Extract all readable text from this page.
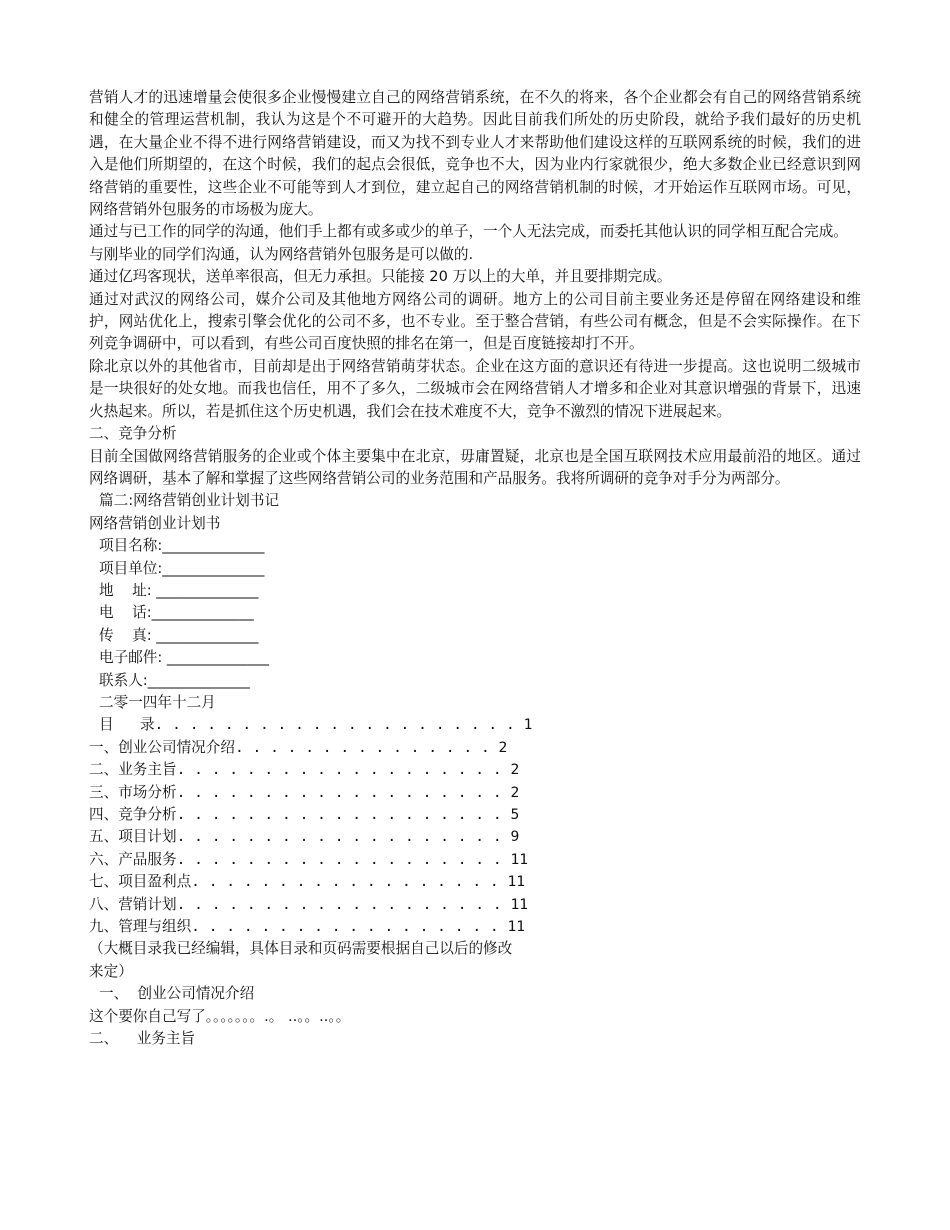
营销人才的迅速增量会使很多企业慢慢建立自己的网络营销系统，在不久的将来，各个企业都会有自己的网络营销系统和健全的管理运营机制，我认为这是个不可避开的大趋势。因此目前我们所处的历史阶段，就给予我们最好的历史机遇，在大量企业不得不进行网络营销建设，而又为找不到专业人才来帮助他们建设这样的互联网系统的时候，我们的进入是他们所期望的，在这个时候，我们的起点会很低，竞争也不大，因为业内行家就很少，绝大多数企业已经意识到网络营销的重要性，这些企业不可能等到人才到位，建立起自己的网络营销机制的时候，才开始运作互联网市场。可见，网络营销外包服务的市场极为庞大。

通过与已工作的同学的沟通，他们手上都有或多或少的单子，一个人无法完成，而委托其他认识的同学相互配合完成。

与刚毕业的同学们沟通，认为网络营销外包服务是可以做的.

通过亿玛客现状，送单率很高，但无力承担。只能接 20 万以上的大单，并且要排期完成。

通过对武汉的网络公司，媒介公司及其他地方网络公司的调研。地方上的公司目前主要业务还是停留在网络建设和维护，网站优化上，搜索引擎会优化的公司不多，也不专业。至于整合营销，有些公司有概念，但是不会实际操作。在下列竞争调研中，可以看到，有些公司百度快照的排名在第一，但是百度链接却打不开。

除北京以外的其他省市，目前却是出于网络营销萌芽状态。企业在这方面的意识还有待进一步提高。这也说明二级城市是一块很好的处女地。而我也信任，用不了多久，二级城市会在网络营销人才增多和企业对其意识增强的背景下，迅速火热起来。所以，若是抓住这个历史机遇，我们会在技术难度不大，竞争不激烈的情况下进展起来。

二、竞争分析

目前全国做网络营销服务的企业或个体主要集中在北京，毋庸置疑，北京也是全国互联网技术应用最前沿的地区。通过网络调研，基本了解和掌握了这些网络营销公司的业务范围和产品服务。我将所调研的竞争对手分为两部分。

篇二:网络营销创业计划书记

网络营销创业计划书

项目名称:______________

项目单位:______________

地    址: ______________

电    话:______________

传    真: ______________

电子邮件: ______________

联系人:______________

二零一四年十二月

目   录. . . . . . . . . . . . . . . . . . . . . 1
一、创业公司情况介绍. . . . . . . . . . . . . . . 2
二、业务主旨. . . . . . . . . . . . . . . . . . . 2
三、市场分析. . . . . . . . . . . . . . . . . . . 2
四、竞争分析. . . . . . . . . . . . . . . . . . . 5
五、项目计划. . . . . . . . . . . . . . . . . . . 9
六、产品服务. . . . . . . . . . . . . . . . . . . 11
七、项目盈利点. . . . . . . . . . . . . . . . . . 11
八、营销计划. . . . . . . . . . . . . . . . . . . 11
九、管理与组织. . . . . . . . . . . . . . . . . . 11

（大概目录我已经编辑，具体目录和页码需要根据自己以后的修改来定）

一、  创业公司情况介绍

这个要你自己写了。。。。。。。.。 ..。。..。。

二、    业务主旨
